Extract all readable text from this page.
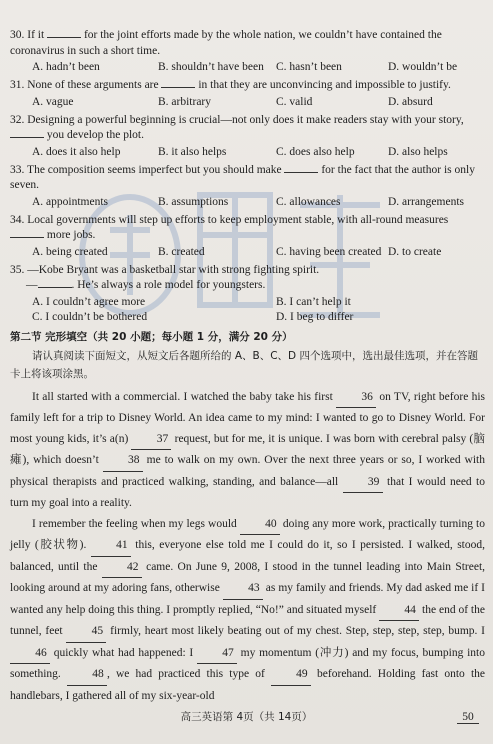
30. If it	for the joint efforts made by the whole nation, we couldn’t have contained the coronavirus in such a short time.
A. hadn’t been	B. shouldn’t have been	C. hasn’t been	D. wouldn’t be
31. None of these arguments are	in that they are unconvincing and impossible to justify.
A. vague	B. arbitrary	C. valid	D. absurd
32. Designing a powerful beginning is crucial—not only does it make readers stay with your story,  you develop the plot.
A. does it also help	B. it also helps	C. does also help	D. also helps
33. The composition seems imperfect but you should make	for the fact that the author is only seven.
A. appointments	B. assumptions	C. allowances	D. arrangements
34. Local governments will step up efforts to keep employment stable, with all-round measures  more jobs.
A. being created	B. created	C. having been created D. to create
35. —Kobe Bryant was a basketball star with strong fighting spirit.
—	. He’s always a role model for youngsters.
A. I couldn’t agree more	B. I can’t help it
C. I couldn’t be bothered	D. I beg to differ
第二节 完形填空（共 20 小题；每小题 1 分，满分 20 分）
请认真阅读下面短文，从短文后各题所给的 A、B、C、D 四个选项中，选出最佳选项，并在答题卡上将该项涂黑。

It all started with a commercial. I watched the baby take his first 36 on TV, right before his family left for a trip to Disney World. An idea came to my mind: I wanted to go to Disney World. For most young kids, it’s a(n) 37 request, but for me, it is unique. I was born with cerebral palsy (脑瘫), which doesn’t 38 me to walk on my own. Over the next three years or so, I worked with physical therapists and practiced walking, standing, and balance—all 39 that I would need to turn my goal into a reality.

I remember the feeling when my legs would 40 doing any more work, practically turning to jelly (胶状物). 41 this, everyone else told me I could do it, so I persisted. I walked, stood, balanced, until the 42 came. On June 9, 2008, I stood in the tunnel leading into Main Street, looking around at my adoring fans, otherwise 43 as my family and friends. My dad asked me if I wanted any help doing this thing. I promptly replied, “No!” and situated myself 44 the end of the tunnel, feet 45 firmly, heart most likely beating out of my chest. Step, step, step, step, bump. I 46 quickly what had happened: I 47 my momentum (冲力) and my focus, bumping into something. 48 , we had practiced this type of 49 beforehand. Holding fast onto the handlebars, I gathered all of my six-year-old

高三英语第 4页（共 14页）	50
